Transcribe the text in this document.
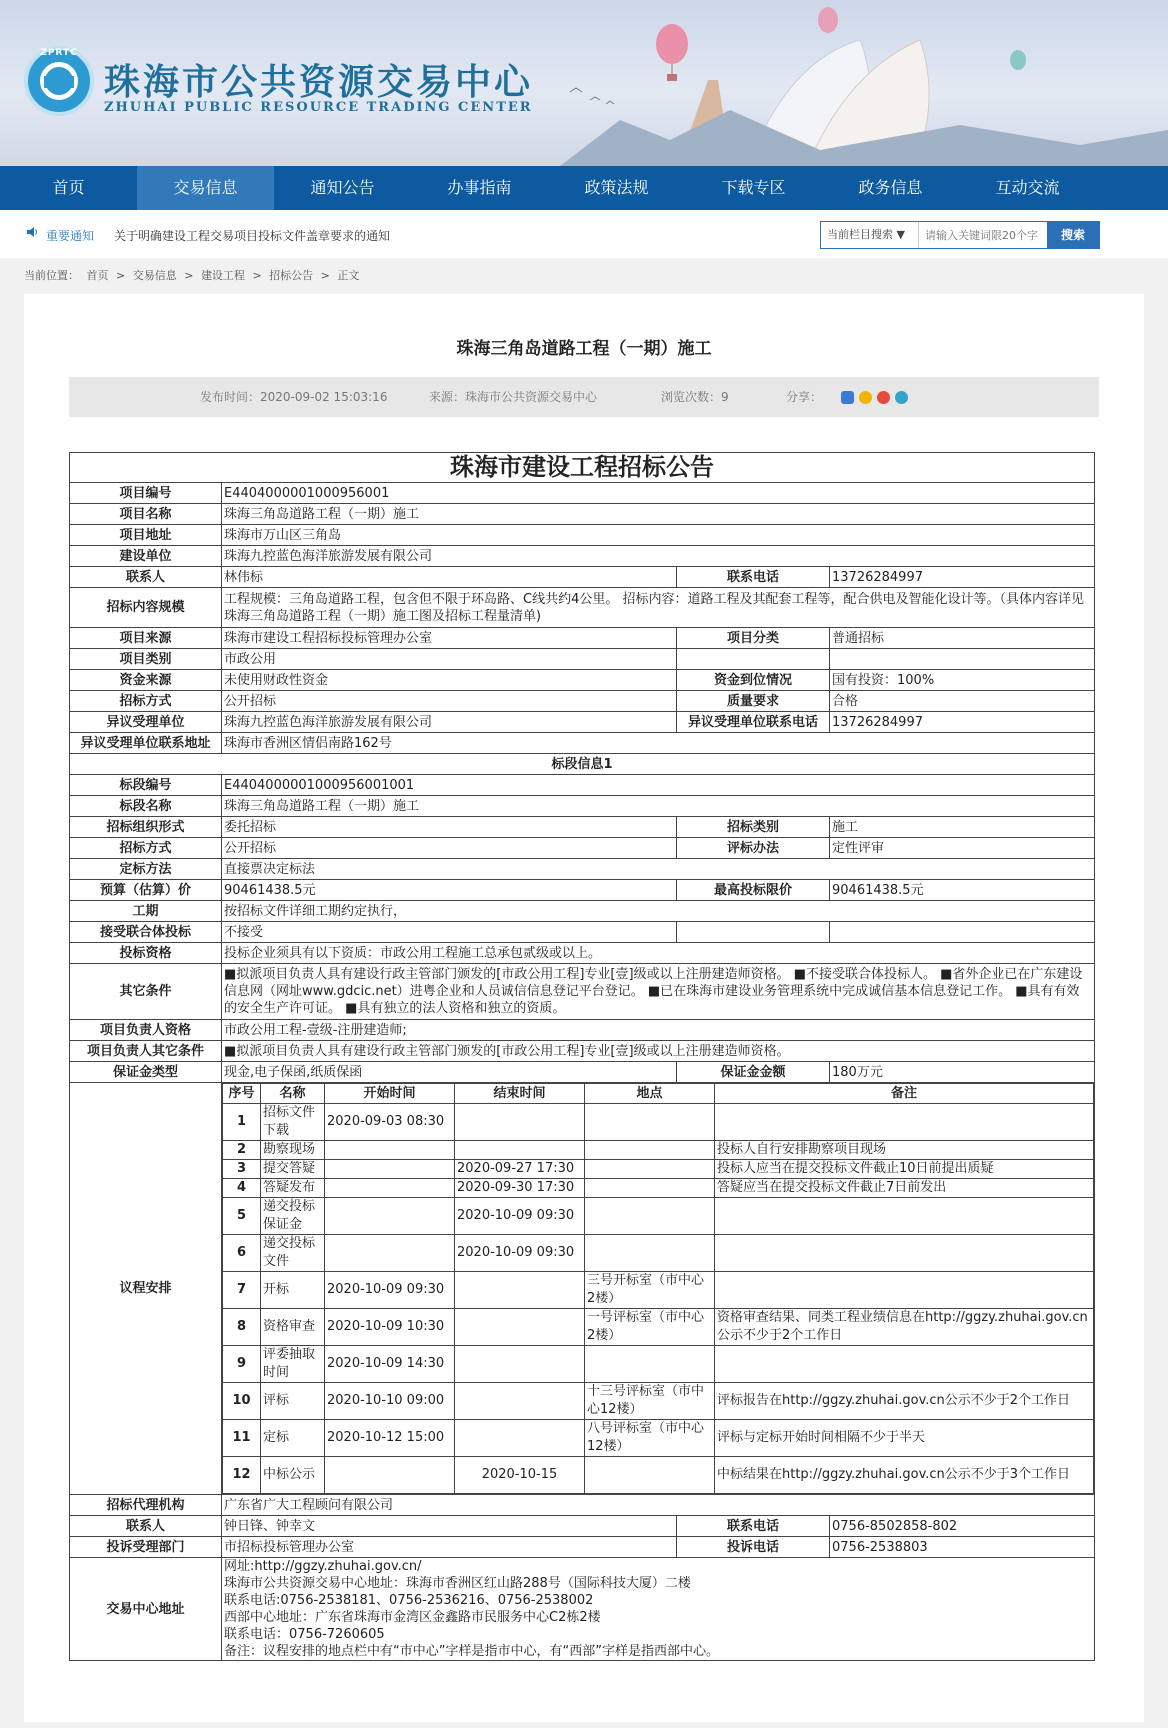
ZPRTC
珠海市公共资源交易中心
ZHUHAI PUBLIC RESOURCE TRADING CENTER
首页	交易信息	通知公告	办事指南	政策法规	下载专区	政务信息	互动交流
重要通知 关于明确建设工程交易项目投标文件盖章要求的通知	当前栏目搜索 ▼
请输入关键词限20个字	搜索
当前位置： 首页 > 交易信息 > 建设工程 > 招标公告 > 正文
珠海三角岛道路工程（一期）施工
发布时间：2020-09-02 15:03:16	来源：珠海市公共资源交易中心	浏览次数：9	分享：
珠海市建设工程招标公告
项目编号	E4404000001000956001
项目名称	珠海三角岛道路工程（一期）施工
项目地址	珠海市万山区三角岛
建设单位	珠海九控蓝色海洋旅游发展有限公司
联系人	林伟标	联系电话	13726284997
招标内容规模	工程规模：三角岛道路工程，包含但不限于环岛路、C线共约4公里。 招标内容：道路工程及其配套工程等，配合供电及智能化设计等。（具体内容详见珠海三角岛道路工程（一期）施工图及招标工程量清单)
项目来源	珠海市建设工程招标投标管理办公室	项目分类	普通招标
项目类别	市政公用		
资金来源	未使用财政性资金	资金到位情况	国有投资：100%
招标方式	公开招标	质量要求	合格
异议受理单位	珠海九控蓝色海洋旅游发展有限公司	异议受理单位联系电话	13726284997
异议受理单位联系地址	珠海市香洲区情侣南路162号
标段信息1
标段编号	E4404000001000956001001
标段名称	珠海三角岛道路工程（一期）施工
招标组织形式	委托招标	招标类别	施工
招标方式	公开招标	评标办法	定性评审
定标方法	直接票决定标法
预算（估算）价	90461438.5元	最高投标限价	90461438.5元
工期	按招标文件详细工期约定执行，
接受联合体投标	不接受		
投标资格	投标企业须具有以下资质：市政公用工程施工总承包贰级或以上。
其它条件	■拟派项目负责人具有建设行政主管部门颁发的[市政公用工程]专业[壹]级或以上注册建造师资格。 ■不接受联合体投标人。 ■省外企业已在广东建设信息网（网址www.gdcic.net）进粤企业和人员诚信信息登记平台登记。 ■已在珠海市建设业务管理系统中完成诚信基本信息登记工作。 ■具有有效的安全生产许可证。 ■具有独立的法人资格和独立的资质。
项目负责人资格	市政公用工程-壹级-注册建造师;
项目负责人其它条件	■拟派项目负责人具有建设行政主管部门颁发的[市政公用工程]专业[壹]级或以上注册建造师资格。
保证金类型	现金,电子保函,纸质保函	保证金金额	180万元
议程安排	
序号	名称	开始时间	结束时间	地点	备注
1	招标文件下载	2020-09-03 08:30			
2	勘察现场				投标人自行安排勘察项目现场
3	提交答疑		2020-09-27 17:30		投标人应当在提交投标文件截止10日前提出质疑
4	答疑发布		2020-09-30 17:30		答疑应当在提交投标文件截止7日前发出
5	递交投标保证金		2020-10-09 09:30		
6	递交投标文件		2020-10-09 09:30		
7	开标	2020-10-09 09:30		三号开标室（市中心2楼）	
8	资格审查	2020-10-09 10:30		一号评标室（市中心2楼）	资格审查结果、同类工程业绩信息在http://ggzy.zhuhai.gov.cn公示不少于2个工作日
9	评委抽取时间	2020-10-09 14:30			
10	评标	2020-10-10 09:00		十三号评标室（市中心12楼）	评标报告在http://ggzy.zhuhai.gov.cn公示不少于2个工作日
11	定标	2020-10-12 15:00		八号评标室（市中心12楼）	评标与定标开始时间相隔不少于半天
12	中标公示		2020-10-15		中标结果在http://ggzy.zhuhai.gov.cn公示不少于3个工作日

招标代理机构	广东省广大工程顾问有限公司
联系人	钟日锋、钟幸文	联系电话	0756-8502858-802
投诉受理部门	市招标投标管理办公室	投诉电话	0756-2538803
交易中心地址	
网址:http://ggzy.zhuhai.gov.cn/
珠海市公共资源交易中心地址：珠海市香洲区红山路288号（国际科技大厦）二楼
联系电话:0756-2538181、0756-2536216、0756-2538002
西部中心地址：广东省珠海市金湾区金鑫路市民服务中心C2栋2楼
联系电话：0756-7260605
备注：议程安排的地点栏中有“市中心”字样是指市中心，有“西部”字样是指西部中心。
